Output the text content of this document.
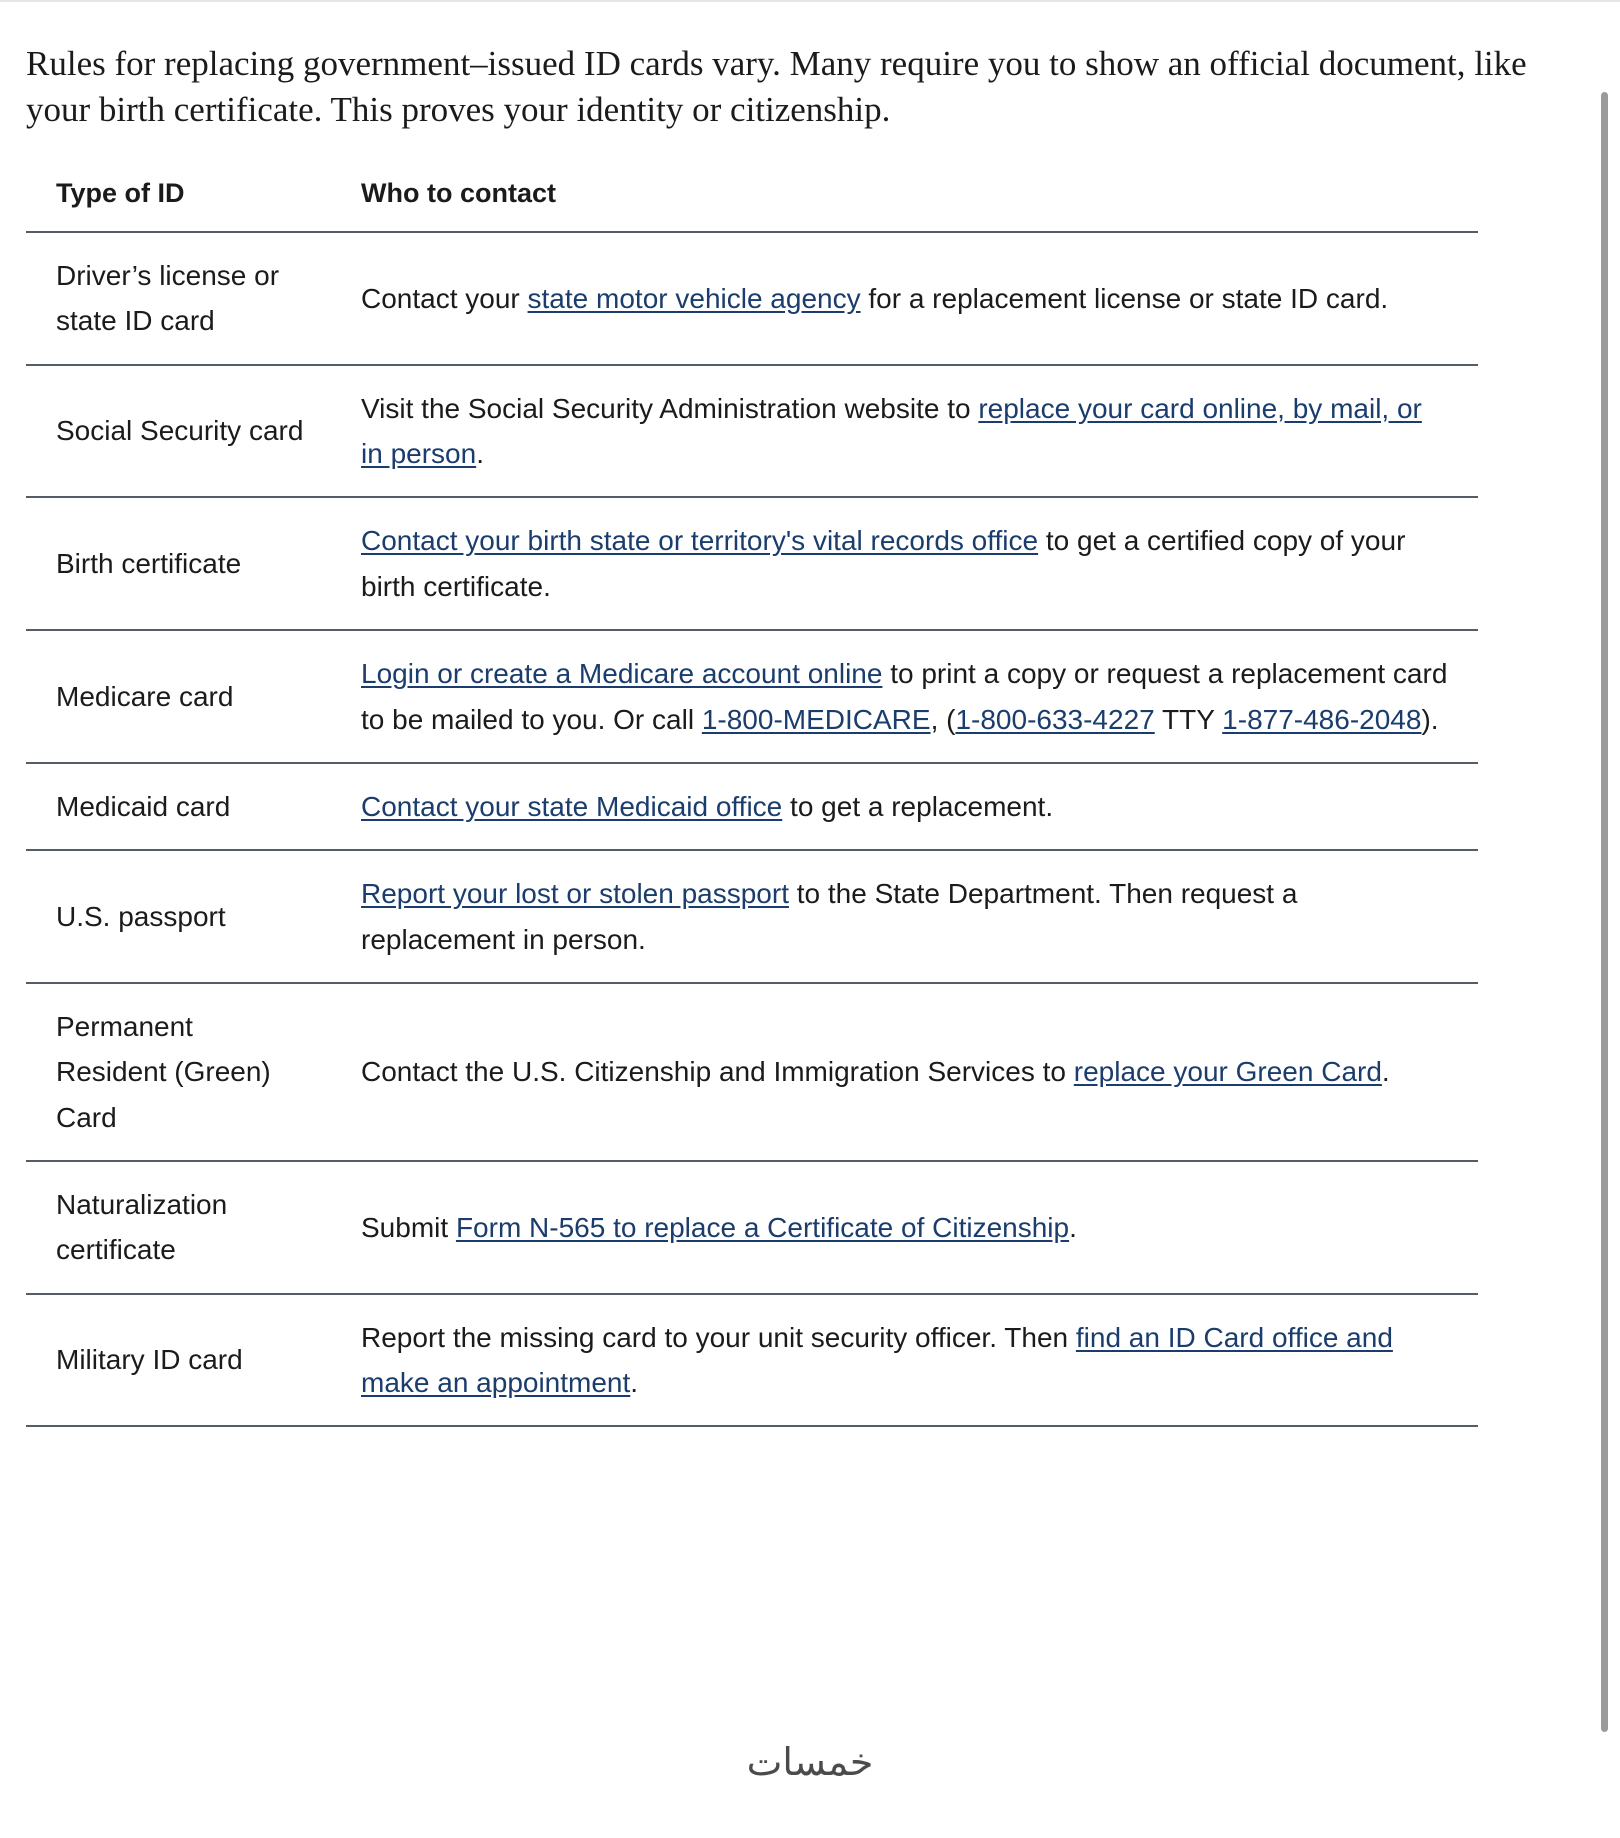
Rules for replacing government–issued ID cards vary. Many require you to show an official document, like your birth certificate. This proves your identity or citizenship.

Type of ID	Who to contact
Driver’s license or state ID card	Contact your state motor vehicle agency for a replacement license or state ID card.
Social Security card	Visit the Social Security Administration website to replace your card online, by mail, or in person.
Birth certificate	Contact your birth state or territory's vital records office to get a certified copy of your birth certificate.
Medicare card	Login or create a Medicare account online to print a copy or request a replacement card to be mailed to you. Or call 1-800-MEDICARE, (1-800-633-4227 TTY 1-877-486-2048).
Medicaid card	Contact your state Medicaid office to get a replacement.
U.S. passport	Report your lost or stolen passport to the State Department. Then request a replacement in person.
Permanent Resident (Green) Card	Contact the U.S. Citizenship and Immigration Services to replace your Green Card.
Naturalization certificate	Submit Form N-565 to replace a Certificate of Citizenship.
Military ID card	Report the missing card to your unit security officer. Then find an ID Card office and make an appointment.
خمسات
